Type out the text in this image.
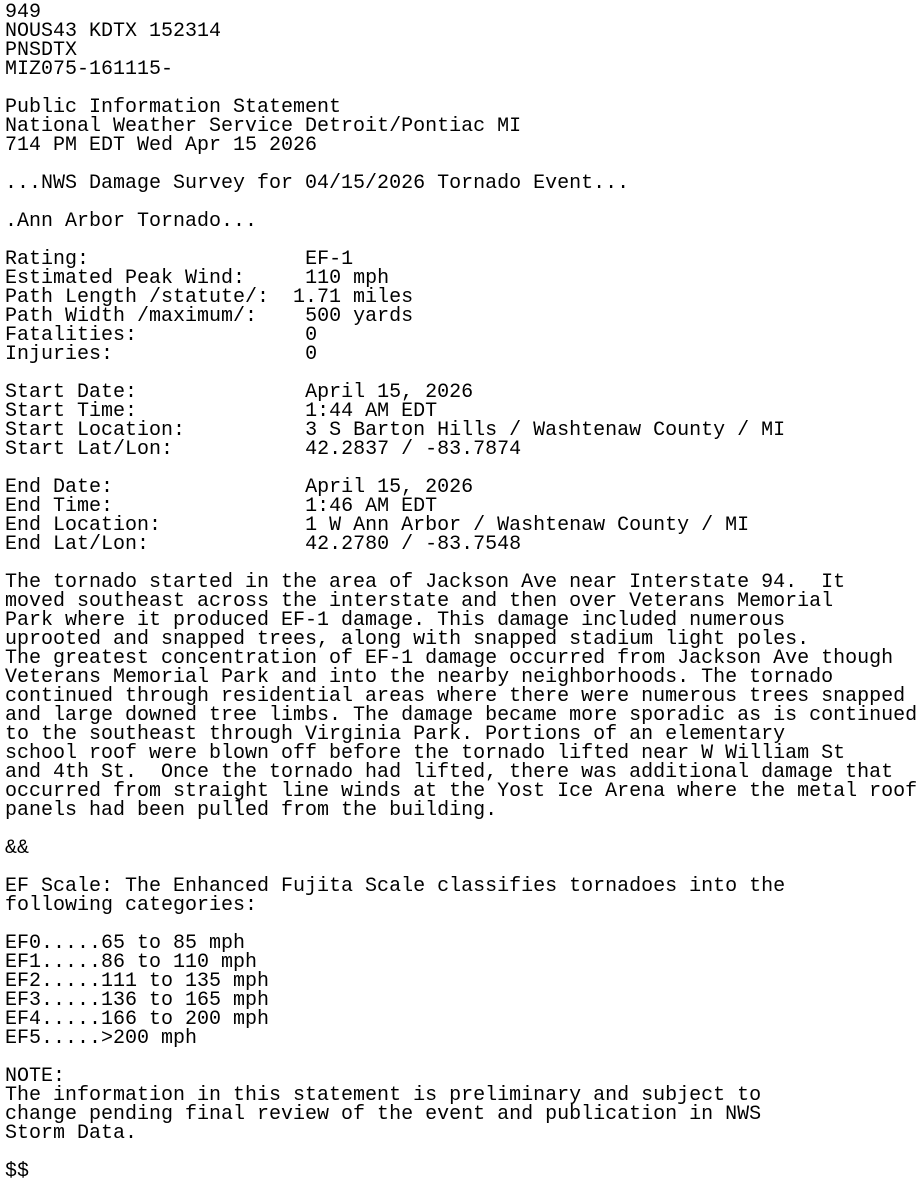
949
NOUS43 KDTX 152314
PNSDTX
MIZ075-161115-

Public Information Statement
National Weather Service Detroit/Pontiac MI
714 PM EDT Wed Apr 15 2026

...NWS Damage Survey for 04/15/2026 Tornado Event...

.Ann Arbor Tornado...

Rating:                  EF-1
Estimated Peak Wind:     110 mph
Path Length /statute/:  1.71 miles
Path Width /maximum/:    500 yards
Fatalities:              0
Injuries:                0

Start Date:              April 15, 2026
Start Time:              1:44 AM EDT
Start Location:          3 S Barton Hills / Washtenaw County / MI
Start Lat/Lon:           42.2837 / -83.7874

End Date:                April 15, 2026
End Time:                1:46 AM EDT
End Location:            1 W Ann Arbor / Washtenaw County / MI
End Lat/Lon:             42.2780 / -83.7548

The tornado started in the area of Jackson Ave near Interstate 94.  It
moved southeast across the interstate and then over Veterans Memorial
Park where it produced EF-1 damage. This damage included numerous
uprooted and snapped trees, along with snapped stadium light poles.
The greatest concentration of EF-1 damage occurred from Jackson Ave though
Veterans Memorial Park and into the nearby neighborhoods. The tornado
continued through residential areas where there were numerous trees snapped
and large downed tree limbs. The damage became more sporadic as is continued
to the southeast through Virginia Park. Portions of an elementary
school roof were blown off before the tornado lifted near W William St
and 4th St.  Once the tornado had lifted, there was additional damage that
occurred from straight line winds at the Yost Ice Arena where the metal roof
panels had been pulled from the building.

&&

EF Scale: The Enhanced Fujita Scale classifies tornadoes into the
following categories:

EF0.....65 to 85 mph
EF1.....86 to 110 mph
EF2.....111 to 135 mph
EF3.....136 to 165 mph
EF4.....166 to 200 mph
EF5.....>200 mph

NOTE:
The information in this statement is preliminary and subject to
change pending final review of the event and publication in NWS
Storm Data.

$$
